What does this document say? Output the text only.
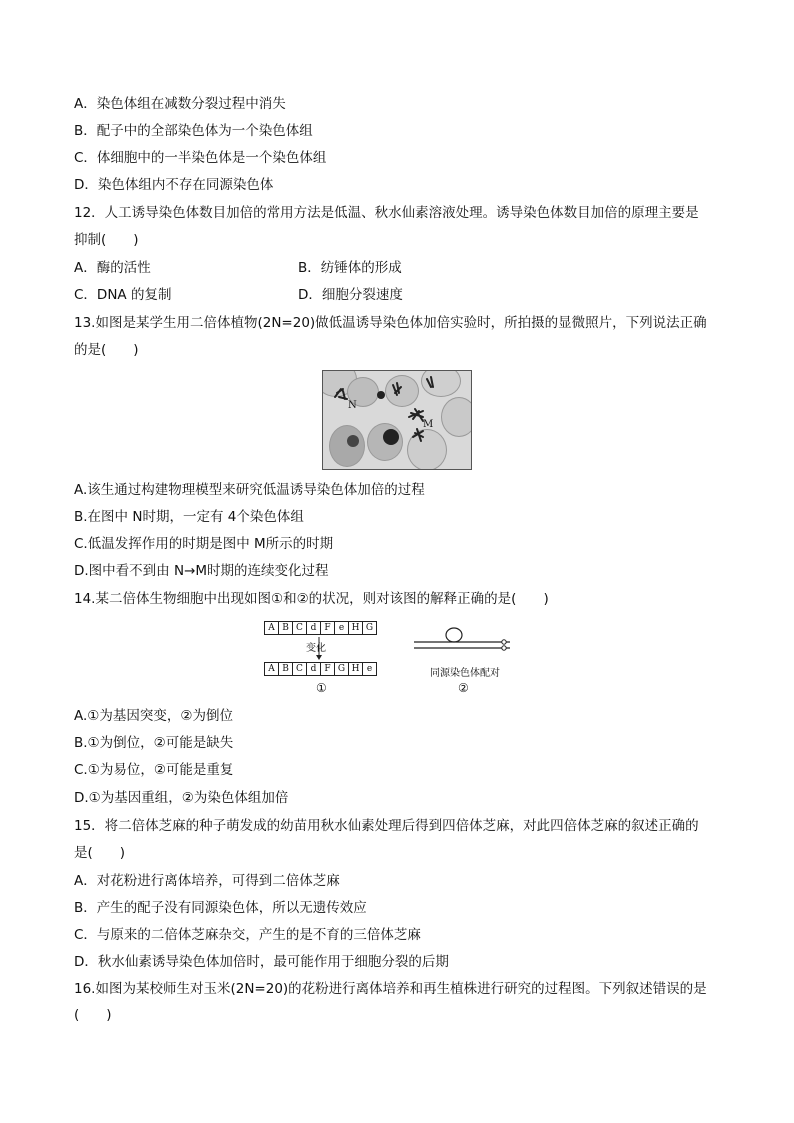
A．染色体组在减数分裂过程中消失
B．配子中的全部染色体为一个染色体组
C．体细胞中的一半染色体是一个染色体组
D．染色体组内不存在同源染色体
12．人工诱导染色体数目加倍的常用方法是低温、秋水仙素溶液处理。诱导染色体数目加倍的原理主要是
抑制(　　)
A．酶的活性	B．纺锤体的形成
C．DNA 的复制	D．细胞分裂速度
13.如图是某学生用二倍体植物(2N=20)做低温诱导染色体加倍实验时，所拍摄的显微照片，下列说法正确
的是(　　)
N
M
A.该生通过构建物理模型来研究低温诱导染色体加倍的过程
B.在图中 N时期，一定有 4个染色体组
C.低温发挥作用的时期是图中 M所示的时期
D.图中看不到由 N→M时期的连续变化过程
14.某二倍体生物细胞中出现如图①和②的状况，则对该图的解释正确的是(　　)
A B C d F e H G
变化
A B C d F G H e
①
同源染色体配对
②
A.①为基因突变，②为倒位
B.①为倒位，②可能是缺失
C.①为易位，②可能是重复
D.①为基因重组，②为染色体组加倍
15．将二倍体芝麻的种子萌发成的幼苗用秋水仙素处理后得到四倍体芝麻，对此四倍体芝麻的叙述正确的
是(　　)
A．对花粉进行离体培养，可得到二倍体芝麻
B．产生的配子没有同源染色体，所以无遗传效应
C．与原来的二倍体芝麻杂交，产生的是不育的三倍体芝麻
D．秋水仙素诱导染色体加倍时，最可能作用于细胞分裂的后期
16.如图为某校师生对玉米(2N=20)的花粉进行离体培养和再生植株进行研究的过程图。下列叙述错误的是
(　　)
